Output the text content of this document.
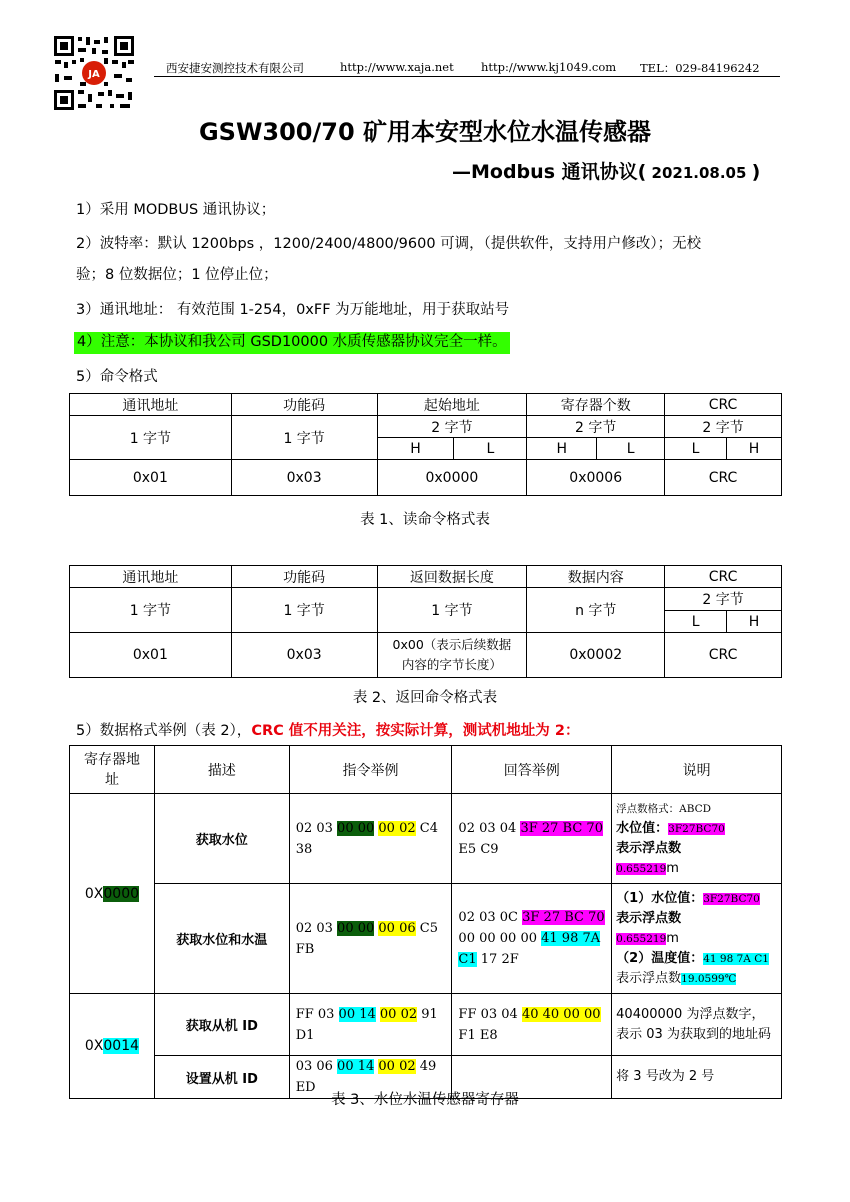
JA	西安捷安测控技术有限公司	http://www.xaja.net http://www.kj1049.com TEL：029-84196242
GSW300/70 矿用本安型水位水温传感器
—Modbus 通讯协议( 2021.08.05 )
1）采用 MODBUS 通讯协议；
2）波特率：默认 1200bps ，1200/2400/4800/9600 可调，（提供软件，支持用户修改）；无校
验；8 位数据位；1 位停止位；
3）通讯地址： 有效范围 1-254，0xFF 为万能地址，用于获取站号
4）注意：本协议和我公司 GSD10000 水质传感器协议完全一样。
5）命令格式
通讯地址	功能码	起始地址		寄存器个数		CRC	
1 字节	1 字节	2 字节		2 字节		2 字节	
		H	L	H	L	L	H
0x01	0x03	0x0000		0x0006		CRC	
表 1、读命令格式表
通讯地址	功能码	返回数据长度	数据内容	CRC	
1 字节	1 字节	1 字节	n 字节	2 字节	
				L	H
0x01	0x03	0x00（表示后续数据内容的字节长度）	0x0002	CRC	
表 2、返回命令格式表
5）数据格式举例（表 2），CRC 值不用关注，按实际计算，测试机地址为 2：
寄存器地址	描述	指令举例	回答举例	说明
0X0000	获取水位	02 03 00 00 00 02 C4 38	02 03 04 3F 27 BC 70 E5 C9	浮点数格式：ABCD
水位值：3F27BC70
表示浮点数
0.655219m

	获取水位和水温	02 03 00 00 00 06 C5 FB	02 03 0C 3F 27 BC 70 00 00 00 00 41 98 7A C1 17 2F	（1）水位值：3F27BC70
表示浮点数
0.655219m
（2）温度值：41 98 7A C1
表示浮点数19.0599℃

0X0014	获取从机 ID	FF 03 00 14 00 02 91 D1	FF 03 04 40 40 00 00 F1 E8	40400000 为浮点数字，表示 03 为获取到的地址码
	设置从机 ID	03 06 00 14 00 02 49 ED		将 3 号改为 2 号
表 3、水位水温传感器寄存器
